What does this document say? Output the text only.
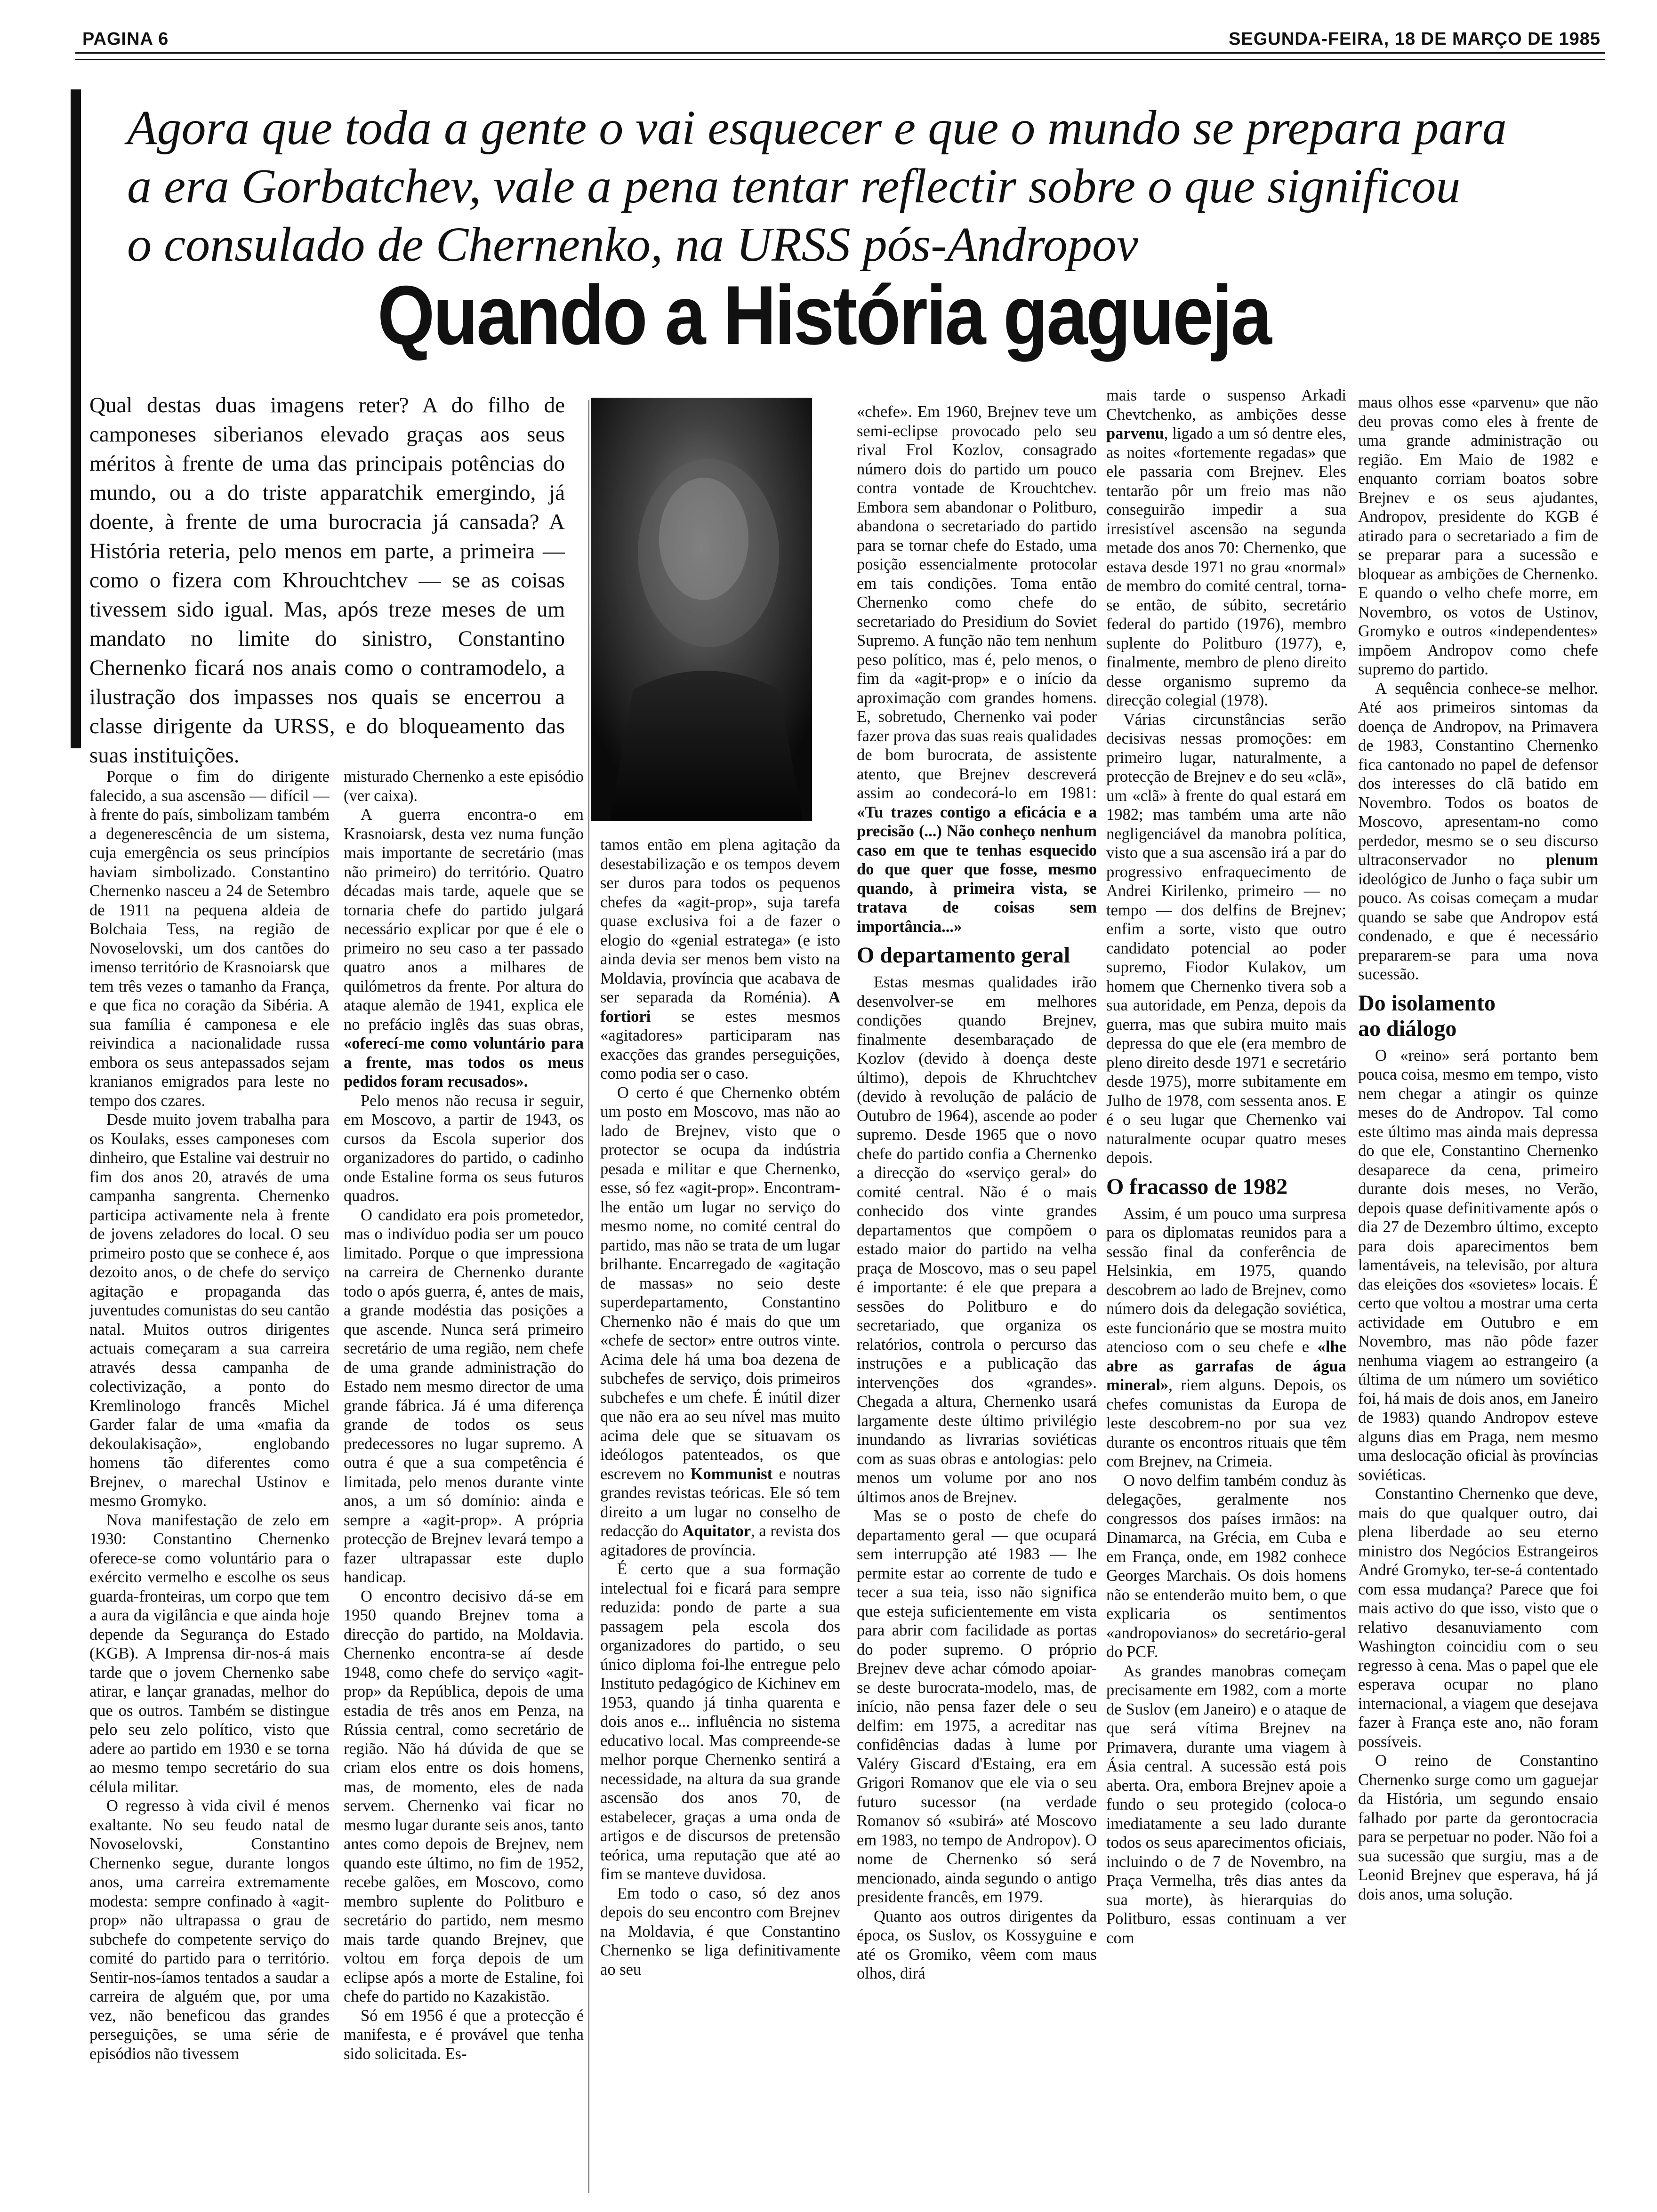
PAGINA 6	SEGUNDA-FEIRA, 18 DE MARÇO DE 1985
Agora que toda a gente o vai esquecer e que o mundo se prepara para
a era Gorbatchev, vale a pena tentar reflectir sobre o que significou
o consulado de Chernenko, na URSS pós-Andropov
Quando a História gagueja

Qual destas duas imagens reter? A do filho de camponeses siberianos elevado graças aos seus méritos à frente de uma das principais potências do mundo, ou a do triste apparatchik emergindo, já doente, à frente de uma burocracia já cansada? A História reteria, pelo menos em parte, a primeira — como o fizera com Khrouchtchev — se as coisas tivessem sido igual. Mas, após treze meses de um mandato no limite do sinistro, Constantino Chernenko ficará nos anais como o contramodelo, a ilustração dos impasses nos quais se encerrou a classe dirigente da URSS, e do bloqueamento das suas instituições.

Porque o fim do dirigente falecido, a sua ascensão — difícil — à frente do país, simbolizam também a degenerescência de um sistema, cuja emergência os seus princípios haviam simbolizado. Constantino Chernenko nasceu a 24 de Setembro de 1911 na pequena aldeia de Bolchaia Tess, na região de Novoselovski, um dos cantões do imenso território de Krasnoiarsk que tem três vezes o tamanho da França, e que fica no coração da Sibéria. A sua família é camponesa e ele reivindica a nacionalidade russa embora os seus antepassados sejam kranianos emigrados para leste no tempo dos czares.

Desde muito jovem trabalha para os Koulaks, esses camponeses com dinheiro, que Estaline vai destruir no fim dos anos 20, através de uma campanha sangrenta. Chernenko participa activamente nela à frente de jovens zeladores do local. O seu primeiro posto que se conhece é, aos dezoito anos, o de chefe do serviço agitação e propaganda das juventudes comunistas do seu cantão natal. Muitos outros dirigentes actuais começaram a sua carreira através dessa campanha de colectivização, a ponto do Kremlinologo francês Michel Garder falar de uma «mafia da dekoulakisação», englobando homens tão diferentes como Brejnev, o marechal Ustinov e mesmo Gromyko.

Nova manifestação de zelo em 1930: Constantino Chernenko oferece-se como voluntário para o exército vermelho e escolhe os seus guarda-fronteiras, um corpo que tem a aura da vigilância e que ainda hoje depende da Segurança do Estado (KGB). A Imprensa dir-nos-á mais tarde que o jovem Chernenko sabe atirar, e lançar granadas, melhor do que os outros. Também se distingue pelo seu zelo político, visto que adere ao partido em 1930 e se torna ao mesmo tempo secretário do sua célula militar.

O regresso à vida civil é menos exaltante. No seu feudo natal de Novoselovski, Constantino Chernenko segue, durante longos anos, uma carreira extremamente modesta: sempre confinado à «agit-prop» não ultrapassa o grau de subchefe do competente serviço do comité do partido para o território. Sentir-nos-íamos tentados a saudar a carreira de alguém que, por uma vez, não beneficou das grandes perseguições, se uma série de episódios não tivessem

misturado Chernenko a este episódio (ver caixa).

A guerra encontra-o em Krasnoiarsk, desta vez numa função mais importante de secretário (mas não primeiro) do território. Quatro décadas mais tarde, aquele que se tornaria chefe do partido julgará necessário explicar por que é ele o primeiro no seu caso a ter passado quatro anos a milhares de quilómetros da frente. Por altura do ataque alemão de 1941, explica ele no prefácio inglês das suas obras, «oferecí-me como voluntário para a frente, mas todos os meus pedidos foram recusados».

Pelo menos não recusa ir seguir, em Moscovo, a partir de 1943, os cursos da Escola superior dos organizadores do partido, o cadinho onde Estaline forma os seus futuros quadros.

O candidato era pois prometedor, mas o indivíduo podia ser um pouco limitado. Porque o que impressiona na carreira de Chernenko durante todo o após guerra, é, antes de mais, a grande modéstia das posições a que ascende. Nunca será primeiro secretário de uma região, nem chefe de uma grande administração do Estado nem mesmo director de uma grande fábrica. Já é uma diferença grande de todos os seus predecessores no lugar supremo. A outra é que a sua competência é limitada, pelo menos durante vinte anos, a um só domínio: ainda e sempre a «agit-prop». A própria protecção de Brejnev levará tempo a fazer ultrapassar este duplo handicap.

O encontro decisivo dá-se em 1950 quando Brejnev toma a direcção do partido, na Moldavia. Chernenko encontra-se aí desde 1948, como chefe do serviço «agit-prop» da República, depois de uma estadia de três anos em Penza, na Rússia central, como secretário de região. Não há dúvida de que se criam elos entre os dois homens, mas, de momento, eles de nada servem. Chernenko vai ficar no mesmo lugar durante seis anos, tanto antes como depois de Brejnev, nem quando este último, no fim de 1952, recebe galões, em Moscovo, como membro suplente do Politburo e secretário do partido, nem mesmo mais tarde quando Brejnev, que voltou em força depois de um eclipse após a morte de Estaline, foi chefe do partido no Kazakistão.

Só em 1956 é que a protecção é manifesta, e é provável que tenha sido solicitada. Es-

tamos então em plena agitação da desestabilização e os tempos devem ser duros para todos os pequenos chefes da «agit-prop», suja tarefa quase exclusiva foi a de fazer o elogio do «genial estratega» (e isto ainda devia ser menos bem visto na Moldavia, província que acabava de ser separada da Roménia). A fortiori se estes mesmos «agitadores» participaram nas exacções das grandes perseguições, como podia ser o caso.

O certo é que Chernenko obtém um posto em Moscovo, mas não ao lado de Brejnev, visto que o protector se ocupa da indústria pesada e militar e que Chernenko, esse, só fez «agit-prop». Encontram-lhe então um lugar no serviço do mesmo nome, no comité central do partido, mas não se trata de um lugar brilhante. Encarregado de «agitação de massas» no seio deste superdepartamento, Constantino Chernenko não é mais do que um «chefe de sector» entre outros vinte. Acima dele há uma boa dezena de subchefes de serviço, dois primeiros subchefes e um chefe. É inútil dizer que não era ao seu nível mas muito acima dele que se situavam os ideólogos patenteados, os que escrevem no Kommunist e noutras grandes revistas teóricas. Ele só tem direito a um lugar no conselho de redacção do Aquitator, a revista dos agitadores de província.

É certo que a sua formação intelectual foi e ficará para sempre reduzida: pondo de parte a sua passagem pela escola dos organizadores do partido, o seu único diploma foi-lhe entregue pelo Instituto pedagógico de Kichinev em 1953, quando já tinha quarenta e dois anos e... influência no sistema educativo local. Mas compreende-se melhor porque Chernenko sentirá a necessidade, na altura da sua grande ascensão dos anos 70, de estabelecer, graças a uma onda de artigos e de discursos de pretensão teórica, uma reputação que até ao fim se manteve duvidosa.

Em todo o caso, só dez anos depois do seu encontro com Brejnev na Moldavia, é que Constantino Chernenko se liga definitivamente ao seu

«chefe». Em 1960, Brejnev teve um semi-eclipse provocado pelo seu rival Frol Kozlov, consagrado número dois do partido um pouco contra vontade de Krouchtchev. Embora sem abandonar o Politburo, abandona o secretariado do partido para se tornar chefe do Estado, uma posição essencialmente protocolar em tais condições. Toma então Chernenko como chefe do secretariado do Presidium do Soviet Supremo. A função não tem nenhum peso político, mas é, pelo menos, o fim da «agit-prop» e o início da aproximação com grandes homens. E, sobretudo, Chernenko vai poder fazer prova das suas reais qualidades de bom burocrata, de assistente atento, que Brejnev descreverá assim ao condecorá-lo em 1981: «Tu trazes contigo a eficácia e a precisão (...) Não conheço nenhum caso em que te tenhas esquecido do que quer que fosse, mesmo quando, à primeira vista, se tratava de coisas sem importância...»

O departamento geral

Estas mesmas qualidades irão desenvolver-se em melhores condições quando Brejnev, finalmente desembaraçado de Kozlov (devido à doença deste último), depois de Khruchtchev (devido à revolução de palácio de Outubro de 1964), ascende ao poder supremo. Desde 1965 que o novo chefe do partido confia a Chernenko a direcção do «serviço geral» do comité central. Não é o mais conhecido dos vinte grandes departamentos que compõem o estado maior do partido na velha praça de Moscovo, mas o seu papel é importante: é ele que prepara a sessões do Politburo e do secretariado, que organiza os relatórios, controla o percurso das instruções e a publicação das intervenções dos «grandes». Chegada a altura, Chernenko usará largamente deste último privilégio inundando as livrarias soviéticas com as suas obras e antologias: pelo menos um volume por ano nos últimos anos de Brejnev.

Mas se o posto de chefe do departamento geral — que ocupará sem interrupção até 1983 — lhe permite estar ao corrente de tudo e tecer a sua teia, isso não significa que esteja suficientemente em vista para abrir com facilidade as portas do poder supremo. O próprio Brejnev deve achar cómodo apoiar-se deste burocrata-modelo, mas, de início, não pensa fazer dele o seu delfim: em 1975, a acreditar nas confidências dadas à lume por Valéry Giscard d'Estaing, era em Grigori Romanov que ele via o seu futuro sucessor (na verdade Romanov só «subirá» até Moscovo em 1983, no tempo de Andropov). O nome de Chernenko só será mencionado, ainda segundo o antigo presidente francês, em 1979.

Quanto aos outros dirigentes da época, os Suslov, os Kossyguine e até os Gromiko, vêem com maus olhos, dirá

mais tarde o suspenso Arkadi Chevtchenko, as ambições desse parvenu, ligado a um só dentre eles, as noites «fortemente regadas» que ele passaria com Brejnev. Eles tentarão pôr um freio mas não conseguirão impedir a sua irresistível ascensão na segunda metade dos anos 70: Chernenko, que estava desde 1971 no grau «normal» de membro do comité central, torna-se então, de súbito, secretário federal do partido (1976), membro suplente do Politburo (1977), e, finalmente, membro de pleno direito desse organismo supremo da direcção colegial (1978).

Várias circunstâncias serão decisivas nessas promoções: em primeiro lugar, naturalmente, a protecção de Brejnev e do seu «clã», um «clã» à frente do qual estará em 1982; mas também uma arte não negligenciável da manobra política, visto que a sua ascensão irá a par do progressivo enfraquecimento de Andrei Kirilenko, primeiro — no tempo — dos delfins de Brejnev; enfim a sorte, visto que outro candidato potencial ao poder supremo, Fiodor Kulakov, um homem que Chernenko tivera sob a sua autoridade, em Penza, depois da guerra, mas que subira muito mais depressa do que ele (era membro de pleno direito desde 1971 e secretário desde 1975), morre subitamente em Julho de 1978, com sessenta anos. E é o seu lugar que Chernenko vai naturalmente ocupar quatro meses depois.

O fracasso de 1982

Assim, é um pouco uma surpresa para os diplomatas reunidos para a sessão final da conferência de Helsinkia, em 1975, quando descobrem ao lado de Brejnev, como número dois da delegação soviética, este funcionário que se mostra muito atencioso com o seu chefe e «lhe abre as garrafas de água mineral», riem alguns. Depois, os chefes comunistas da Europa de leste descobrem-no por sua vez durante os encontros rituais que têm com Brejnev, na Crimeia.

O novo delfim também conduz às delegações, geralmente nos congressos dos países irmãos: na Dinamarca, na Grécia, em Cuba e em França, onde, em 1982 conhece Georges Marchais. Os dois homens não se entenderão muito bem, o que explicaria os sentimentos «andropovianos» do secretário-geral do PCF.

As grandes manobras começam precisamente em 1982, com a morte de Suslov (em Janeiro) e o ataque de que será vítima Brejnev na Primavera, durante uma viagem à Ásia central. A sucessão está pois aberta. Ora, embora Brejnev apoie a fundo o seu protegido (coloca-o imediatamente a seu lado durante todos os seus aparecimentos oficiais, incluindo o de 7 de Novembro, na Praça Vermelha, três dias antes da sua morte), às hierarquias do Politburo, essas continuam a ver com

maus olhos esse «parvenu» que não deu provas como eles à frente de uma grande administração ou região. Em Maio de 1982 e enquanto corriam boatos sobre Brejnev e os seus ajudantes, Andropov, presidente do KGB é atirado para o secretariado a fim de se preparar para a sucessão e bloquear as ambições de Chernenko. E quando o velho chefe morre, em Novembro, os votos de Ustinov, Gromyko e outros «independentes» impõem Andropov como chefe supremo do partido.

A sequência conhece-se melhor. Até aos primeiros sintomas da doença de Andropov, na Primavera de 1983, Constantino Chernenko fica cantonado no papel de defensor dos interesses do clã batido em Novembro. Todos os boatos de Moscovo, apresentam-no como perdedor, mesmo se o seu discurso ultraconservador no plenum ideológico de Junho o faça subir um pouco. As coisas começam a mudar quando se sabe que Andropov está condenado, e que é necessário prepararem-se para uma nova sucessão.

Do isolamento
ao diálogo

O «reino» será portanto bem pouca coisa, mesmo em tempo, visto nem chegar a atingir os quinze meses do de Andropov. Tal como este último mas ainda mais depressa do que ele, Constantino Chernenko desaparece da cena, primeiro durante dois meses, no Verão, depois quase definitivamente após o dia 27 de Dezembro último, excepto para dois aparecimentos bem lamentáveis, na televisão, por altura das eleições dos «sovietes» locais. É certo que voltou a mostrar uma certa actividade em Outubro e em Novembro, mas não pôde fazer nenhuma viagem ao estrangeiro (a última de um número um soviético foi, há mais de dois anos, em Janeiro de 1983) quando Andropov esteve alguns dias em Praga, nem mesmo uma deslocação oficial às províncias soviéticas.

Constantino Chernenko que deve, mais do que qualquer outro, dai plena liberdade ao seu eterno ministro dos Negócios Estrangeiros André Gromyko, ter-se-á contentado com essa mudança? Parece que foi mais activo do que isso, visto que o relativo desanuviamento com Washington coincidiu com o seu regresso à cena. Mas o papel que ele esperava ocupar no plano internacional, a viagem que desejava fazer à França este ano, não foram possíveis.

O reino de Constantino Chernenko surge como um gaguejar da História, um segundo ensaio falhado por parte da gerontocracia para se perpetuar no poder. Não foi a sua sucessão que surgiu, mas a de Leonid Brejnev que esperava, há já dois anos, uma solução.
